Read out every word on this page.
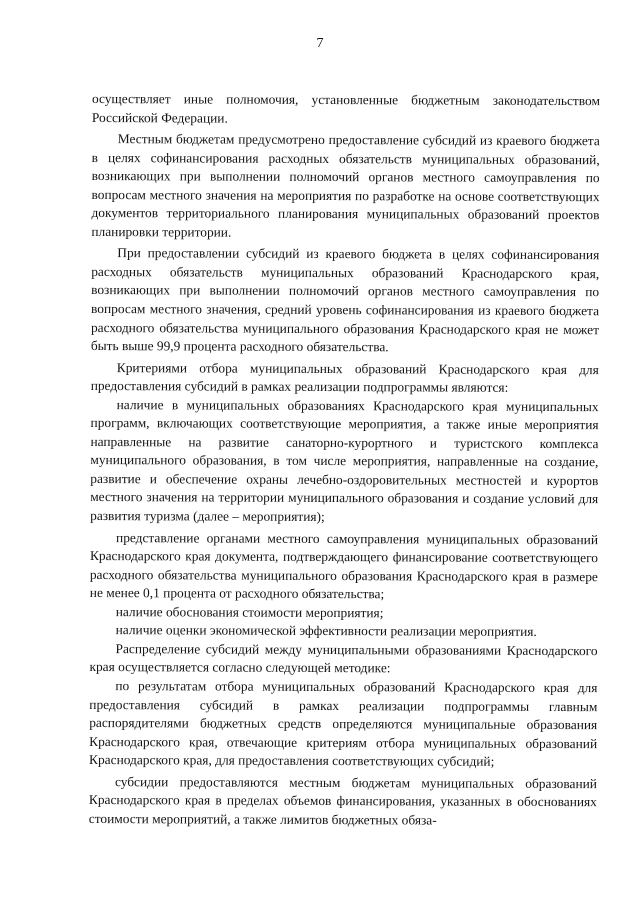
7

осуществляет иные полномочия, установленные бюджетным законодательством Российской Федерации.

Местным бюджетам предусмотрено предоставление субсидий из краевого бюджета в целях софинансирования расходных обязательств муниципальных образований, возникающих при выполнении полномочий органов местного самоуправления по вопросам местного значения на мероприятия по разработке на основе соответствующих документов территориального планирования муниципальных образований проектов планировки территории.

При предоставлении субсидий из краевого бюджета в целях софинансирования расходных обязательств муниципальных образований Краснодарского края, возникающих при выполнении полномочий органов местного самоуправления по вопросам местного значения, средний уровень софинансирования из краевого бюджета расходного обязательства муниципального образования Краснодарского края не может быть выше 99,9 процента расходного обязательства.

Критериями отбора муниципальных образований Краснодарского края для предоставления субсидий в рамках реализации подпрограммы являются:

наличие в муниципальных образованиях Краснодарского края муниципальных программ, включающих соответствующие мероприятия, а также иные мероприятия направленные на развитие санаторно-курортного и туристского комплекса муниципального образования, в том числе мероприятия, направленные на создание, развитие и обеспечение охраны лечебно-оздоровительных местностей и курортов местного значения на территории муниципального образования и создание условий для развития туризма (далее – мероприятия);

представление органами местного самоуправления муниципальных образований Краснодарского края документа, подтверждающего финансирование соответствующего расходного обязательства муниципального образования Краснодарского края в размере не менее 0,1 процента от расходного обязательства;

наличие обоснования стоимости мероприятия;

наличие оценки экономической эффективности реализации мероприятия.

Распределение субсидий между муниципальными образованиями Краснодарского края осуществляется согласно следующей методике:

по результатам отбора муниципальных образований Краснодарского края для предоставления субсидий в рамках реализации подпрограммы главным распорядителями бюджетных средств определяются муниципальные образования Краснодарского края, отвечающие критериям отбора муниципальных образований Краснодарского края, для предоставления соответствующих субсидий;

субсидии предоставляются местным бюджетам муниципальных образований Краснодарского края в пределах объемов финансирования, указанных в обоснованиях стоимости мероприятий, а также лимитов бюджетных обяза-
